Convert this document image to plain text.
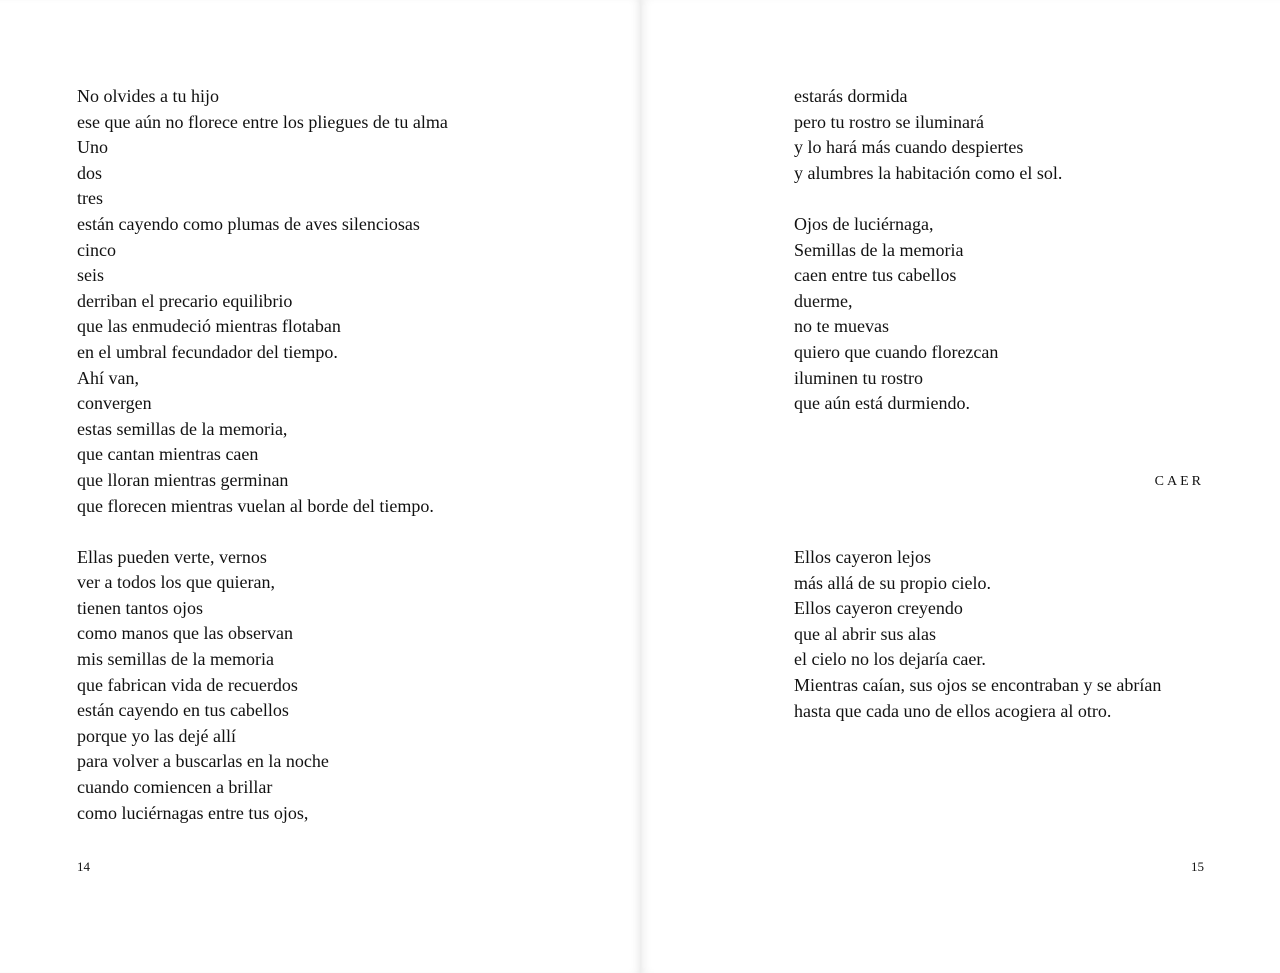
No olvides a tu hijo
ese que aún no florece entre los pliegues de tu alma
Uno
dos
tres
están cayendo como plumas de aves silenciosas
cinco
seis
derriban el precario equilibrio
que las enmudeció mientras flotaban
en el umbral fecundador del tiempo.
Ahí van,
convergen
estas semillas de la memoria,
que cantan mientras caen
que lloran mientras germinan
que florecen mientras vuelan al borde del tiempo.
Ellas pueden verte, vernos
ver a todos los que quieran,
tienen tantos ojos
como manos que las observan
mis semillas de la memoria
que fabrican vida de recuerdos
están cayendo en tus cabellos
porque yo las dejé allí
para volver a buscarlas en la noche
cuando comiencen a brillar
como luciérnagas entre tus ojos,
14
estarás dormida
pero tu rostro se iluminará
y lo hará más cuando despiertes
y alumbres la habitación como el sol.
Ojos de luciérnaga,
Semillas de la memoria
caen entre tus cabellos
duerme,
no te muevas
quiero que cuando florezcan
iluminen tu rostro
que aún está durmiendo.
CAER
Ellos cayeron lejos
más allá de su propio cielo.
Ellos cayeron creyendo
que al abrir sus alas
el cielo no los dejaría caer.
Mientras caían, sus ojos se encontraban y se abrían
hasta que cada uno de ellos acogiera al otro.
15
